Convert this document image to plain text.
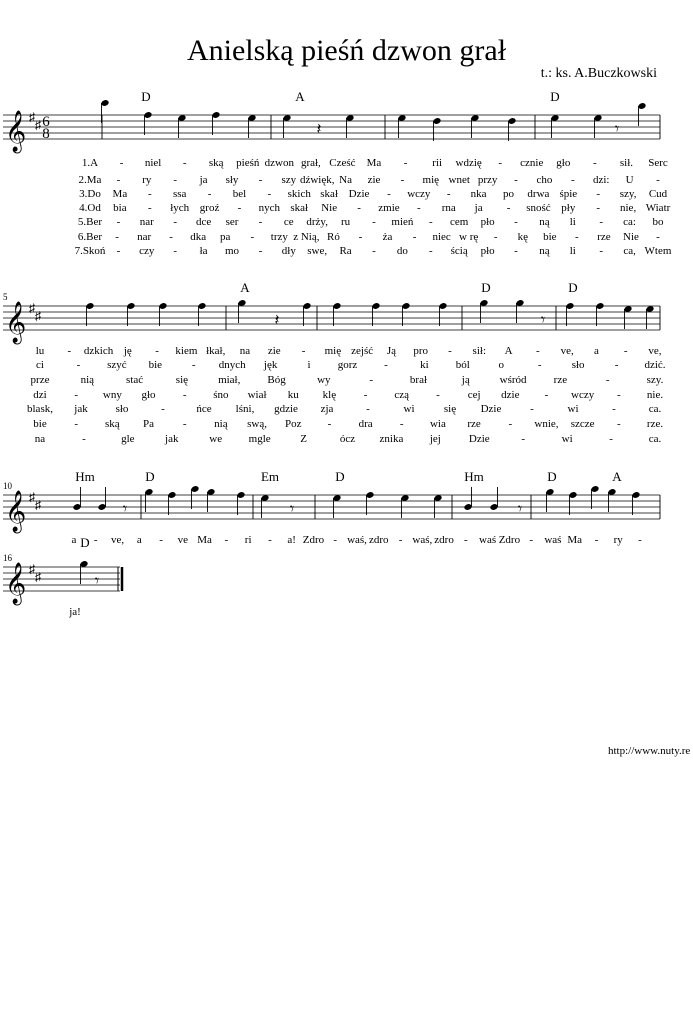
Anielską pieśń dzwon grał
t.: ks. A.Buczkowski
http://www.nuty.re
𝄞 ♯
♯ 6
8
D	A	D
𝄽	𝄾
1.A - niel - ską pieśń dzwon grał, Cześć Ma - rii wdzię - cznie gło - sił. Serc
2.Ma - ry - ja sły - szy dźwięk, Na zie - mię wnet przy - cho - dzi: U -
3.Do Ma - ssa - bel - skich skał Dzie - wczy - nka po drwa śpie - szy, Cud
4.Od bia - łych groź - nych skał Nie - zmie - rna ja - sność pły - nie, Wiatr
5.Ber - nar - dce ser - ce drży, ru - mień - cem pło - ną li - ca: bo
6.Ber - nar - dka pa - trzy z Nią, Ró - ża - niec w rę - kę bie - rze Nie -
7.Skoń - czy - ła mo - dły swe, Ra - do - ścią pło - ną li - ca, Wtem
𝄞 ♯
♯
5
A	D	D
𝄽	𝄾
lu - dzkich ję - kiem łkał, na zie - mię zejść Ją pro - sił: A - ve, a - ve,
ci	- szyć bie	- dnych jęk	i gorz -	ki ból	o	-	sło	- dzić.
prze	nią	stać	się	miał, Bóg	wy	-	brał	ją	wśród rze	-	szy.
dzi	- wny gło - śno wiał ku klę	- czą -	cej dzie - wczy - nie.
blask, jak	sło	-	ńce lśni, gdzie zja	-	wi	się Dzie	-	wi	-	ca.
bie	- ską Pa	-	nią swą, Poz - dra - wia rze	- wnie, szcze - rze.
na	-	gle	jak	we mgle	Z	ócz znika jej	Dzie	-	wi	-	ca.
𝄞 ♯
♯
10
Hm	D	Em	D	Hm	D	A
𝄾	𝄾	𝄾
a - ve, a - ve Ma - ri - a! Zdro - waś, zdro - waś, zdro - waś Zdro - waś Ma - ry -
𝄞 ♯
♯
16
D
𝄾
ja!
